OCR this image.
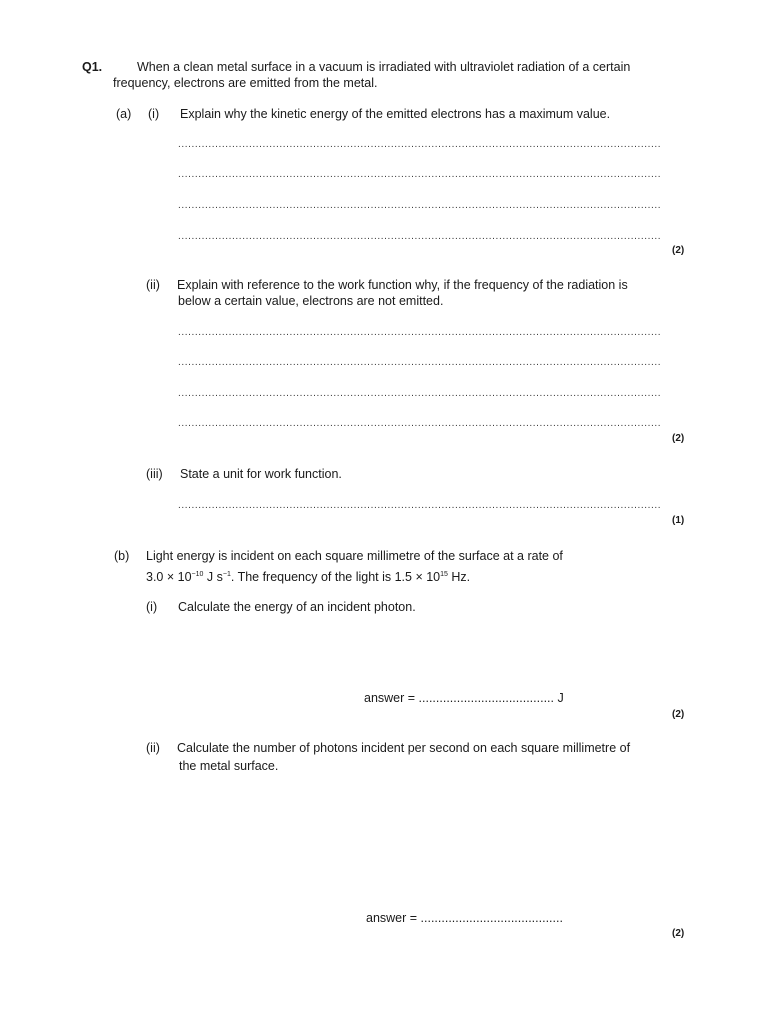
Q1.	When a clean metal surface in a vacuum is irradiated with ultraviolet radiation of a certain
frequency, electrons are emitted from the metal.
(a) (i) Explain why the kinetic energy of the emitted electrons has a maximum value.
...............................................................................................................................................
...............................................................................................................................................
...............................................................................................................................................
...............................................................................................................................................
(2)
(ii) Explain with reference to the work function why, if the frequency of the radiation is
below a certain value, electrons are not emitted.
...............................................................................................................................................
...............................................................................................................................................
...............................................................................................................................................
...............................................................................................................................................
(2)
(iii) State a unit for work function.
...............................................................................................................................................
(1)
(b) Light energy is incident on each square millimetre of the surface at a rate of
$3.0 \times 10^{-10}$ J $s^{-1}$. The frequency of the light is $1.5 \times 10^{15}$ Hz.
(i) Calculate the energy of an incident photon.
answer = ....................................... J
(2)
(ii) Calculate the number of photons incident per second on each square millimetre of
the metal surface.
answer = .........................................
(2)
